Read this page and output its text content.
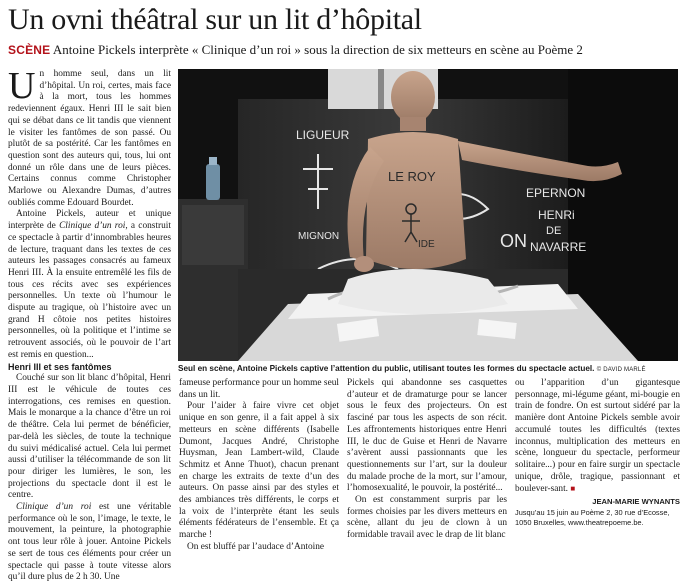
Un ovni théâtral sur un lit d’hôpital
SCÈNE Antoine Pickels interprète « Clinique d’un roi » sous la direction de six metteurs en scène au Poème 2
LIGUEUR
MIGNON
EPERNON
HENRi
DE
NAVARRE
ON
LE ROY
IDE
Seul en scène, Antoine Pickels captive l’attention du public, utilisant toutes les formes du spectacle actuel. © DAVID MARLÉ

Un homme seul, dans un lit d’hôpital. Un roi, certes, mais face à la mort, tous les hommes redeviennent égaux. Henri III le sait bien qui se débat dans ce lit tandis que viennent le visiter les fantômes de son passé. Ou plutôt de sa postérité. Car les fantômes en question sont des auteurs qui, tous, lui ont donné un rôle dans une de leurs pièces. Certains connus comme Christopher Marlowe ou Alexandre Dumas, d’autres oubliés comme Edouard Bourdet.

Antoine Pickels, auteur et unique interprète de Clinique d’un roi, a construit ce spectacle à partir d’innombrables heures de lecture, traquant dans les textes de ces auteurs les passages consacrés au fameux Henri III. À la ensuite entremêlé les fils de tous ces récits avec ses expériences personnelles. Un texte où l’humour le dispute au tragique, où l’histoire avec un grand H côtoie nos petites histoires personnelles, où la politique et l’intime se retrouvent associés, où le pouvoir de l’art est remis en question...

Henri III et ses fantômes

Couché sur son lit blanc d’hôpital, Henri III est le véhicule de toutes ces interrogations, ces remises en question. Mais le monarque a la chance d’être un roi de théâtre. Cela lui permet de bénéficier, par-delà les siècles, de toute la technique du suivi médicalisé actuel. Cela lui permet aussi d’utiliser la télécommande de son lit pour diriger les lumières, le son, les projections du spectacle dont il est le centre.

Clinique d’un roi est une véritable performance où le son, l’image, le texte, le mouvement, la peinture, la photographie ont tous leur rôle à jouer. Antoine Pickels se sert de tous ces éléments pour créer un spectacle qui passe à toute vitesse alors qu’il dure plus de 2 h 30. Une

fameuse performance pour un homme seul dans un lit.

Pour l’aider à faire vivre cet objet unique en son genre, il a fait appel à six metteurs en scène différents (Isabelle Dumont, Jacques André, Christophe Huysman, Jean Lambert-wild, Claude Schmitz et Anne Thuot), chacun prenant en charge les extraits de texte d’un des auteurs. On passe ainsi par des styles et des ambiances très différents, le corps et la voix de l’interprète étant les seuls éléments fédérateurs de l’ensemble. Et ça marche !

On est bluffé par l’audace d’Antoine

Pickels qui abandonne ses casquettes d’auteur et de dramaturge pour se lancer sous le feux des projecteurs. On est fasciné par tous les aspects de son récit. Les affrontements historiques entre Henri III, le duc de Guise et Henri de Navarre s’avèrent aussi passionnants que les questionnements sur l’art, sur la douleur du malade proche de la mort, sur l’amour, l’homosexualité, le pouvoir, la postérité...

On est constamment surpris par les formes choisies par les divers metteurs en scène, allant du jeu de clown à un formidable travail avec le drap de lit blanc

ou l’apparition d’un gigantesque personnage, mi-légume géant, mi-bougie en train de fondre. On est surtout sidéré par la manière dont Antoine Pickels semble avoir accumulé toutes les difficultés (textes inconnus, multiplication des metteurs en scène, longueur du spectacle, performeur solitaire...) pour en faire surgir un spectacle unique, drôle, tragique, passionnant et boulever-sant. ■

JEAN-MARIE WYNANTS

Jusqu’au 15 juin au Poème 2, 30 rue d’Ecosse, 1050 Bruxelles, www.theatrepoeme.be.
